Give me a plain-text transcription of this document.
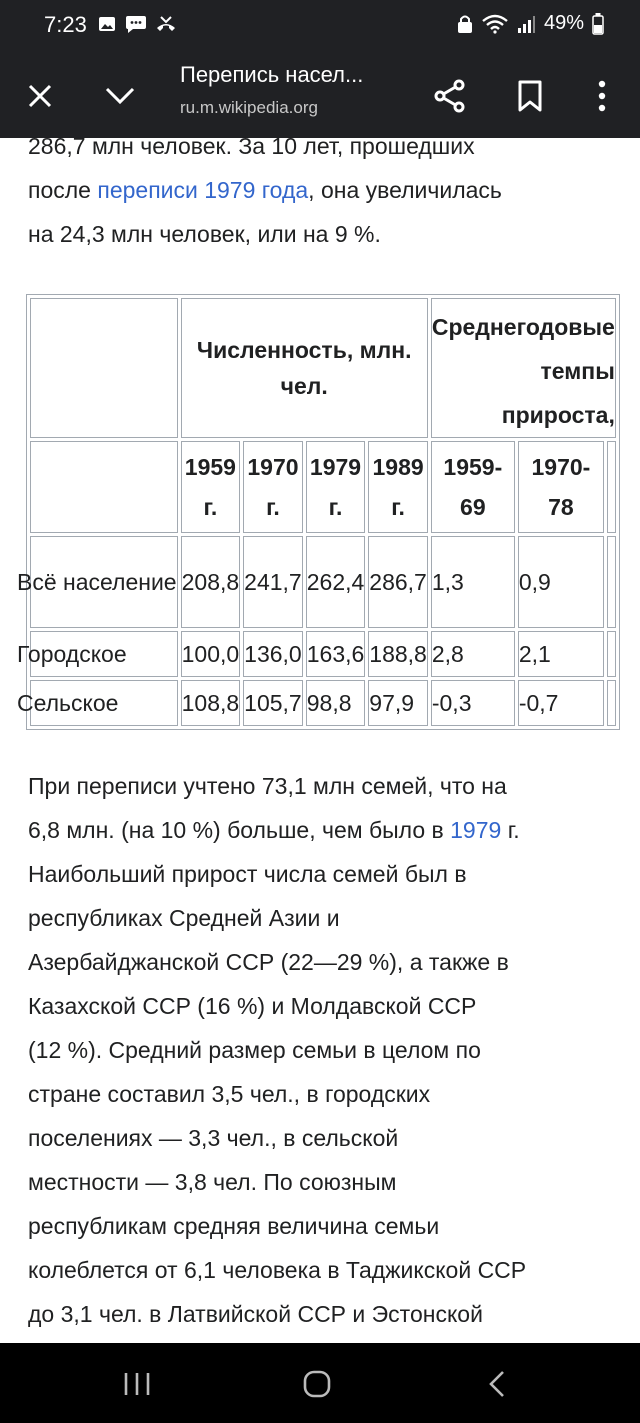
7:23	49%
Перепись насел...
ru.m.wikipedia.org
286,7 млн человек. За 10 лет, прошедших
после переписи 1979 года, она увеличилась
на 24,3 млн человек, или на 9 %.
	Численность, млн. чел.				Среднегодовые темпы прироста,		
	1959 г.	1970 г.	1979 г.	1989 г.	1959-69	1970-78	
Всё население	208,8	241,7	262,4	286,7	1,3	0,9	
Городское	100,0	136,0	163,6	188,8	2,8	2,1	
Сельское	108,8	105,7	98,8	97,9	-0,3	-0,7	
При переписи учтено 73,1 млн семей, что на
6,8 млн. (на 10 %) больше, чем было в 1979 г.
Наибольший прирост числа семей был в
республиках Средней Азии и
Азербайджанской ССР (22—29 %), а также в
Казахской ССР (16 %) и Молдавской ССР
(12 %). Средний размер семьи в целом по
стране составил 3,5 чел., в городских
поселениях — 3,3 чел., в сельской
местности — 3,8 чел. По союзным
республикам средняя величина семьи
колеблется от 6,1 человека в Таджикской ССР
до 3,1 чел. в Латвийской ССР и Эстонской
